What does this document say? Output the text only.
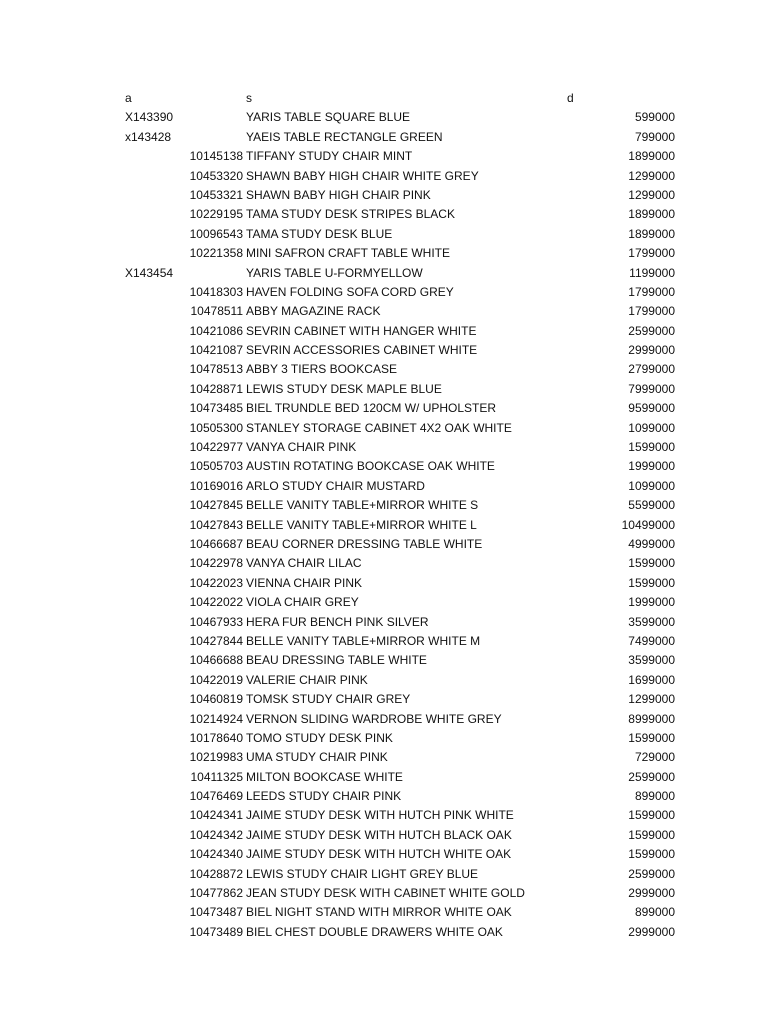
a	s	d
X143390	YARIS TABLE SQUARE BLUE	599000
x143428	YAEIS TABLE RECTANGLE GREEN	799000
10145138 TIFFANY STUDY CHAIR MINT	1899000
10453320 SHAWN BABY HIGH CHAIR WHITE GREY	1299000
10453321 SHAWN BABY HIGH CHAIR PINK	1299000
10229195 TAMA STUDY DESK STRIPES BLACK	1899000
10096543 TAMA STUDY DESK BLUE	1899000
10221358 MINI SAFRON CRAFT TABLE WHITE	1799000
X143454	YARIS TABLE U-FORMYELLOW	1199000
10418303 HAVEN FOLDING SOFA CORD GREY	1799000
10478511 ABBY MAGAZINE RACK	1799000
10421086 SEVRIN CABINET WITH HANGER WHITE	2599000
10421087 SEVRIN ACCESSORIES CABINET WHITE	2999000
10478513 ABBY 3 TIERS BOOKCASE	2799000
10428871 LEWIS STUDY DESK MAPLE BLUE	7999000
10473485 BIEL TRUNDLE BED 120CM W/ UPHOLSTER	9599000
10505300 STANLEY STORAGE CABINET 4X2 OAK WHITE	1099000
10422977 VANYA CHAIR PINK	1599000
10505703 AUSTIN ROTATING BOOKCASE OAK WHITE	1999000
10169016 ARLO STUDY CHAIR MUSTARD	1099000
10427845 BELLE VANITY TABLE+MIRROR WHITE S	5599000
10427843 BELLE VANITY TABLE+MIRROR WHITE L	10499000
10466687 BEAU CORNER DRESSING TABLE WHITE	4999000
10422978 VANYA CHAIR LILAC	1599000
10422023 VIENNA CHAIR PINK	1599000
10422022 VIOLA CHAIR GREY	1999000
10467933 HERA FUR BENCH PINK SILVER	3599000
10427844 BELLE VANITY TABLE+MIRROR WHITE M	7499000
10466688 BEAU DRESSING TABLE WHITE	3599000
10422019 VALERIE CHAIR PINK	1699000
10460819 TOMSK STUDY CHAIR GREY	1299000
10214924 VERNON SLIDING WARDROBE WHITE GREY	8999000
10178640 TOMO STUDY DESK PINK	1599000
10219983 UMA STUDY CHAIR PINK	729000
10411325 MILTON BOOKCASE WHITE	2599000
10476469 LEEDS STUDY CHAIR PINK	899000
10424341 JAIME STUDY DESK WITH HUTCH PINK WHITE	1599000
10424342 JAIME STUDY DESK WITH HUTCH BLACK OAK	1599000
10424340 JAIME STUDY DESK WITH HUTCH WHITE OAK	1599000
10428872 LEWIS STUDY CHAIR LIGHT GREY BLUE	2599000
10477862 JEAN STUDY DESK WITH CABINET WHITE GOLD	2999000
10473487 BIEL NIGHT STAND WITH MIRROR WHITE OAK	899000
10473489 BIEL CHEST DOUBLE DRAWERS WHITE OAK	2999000
